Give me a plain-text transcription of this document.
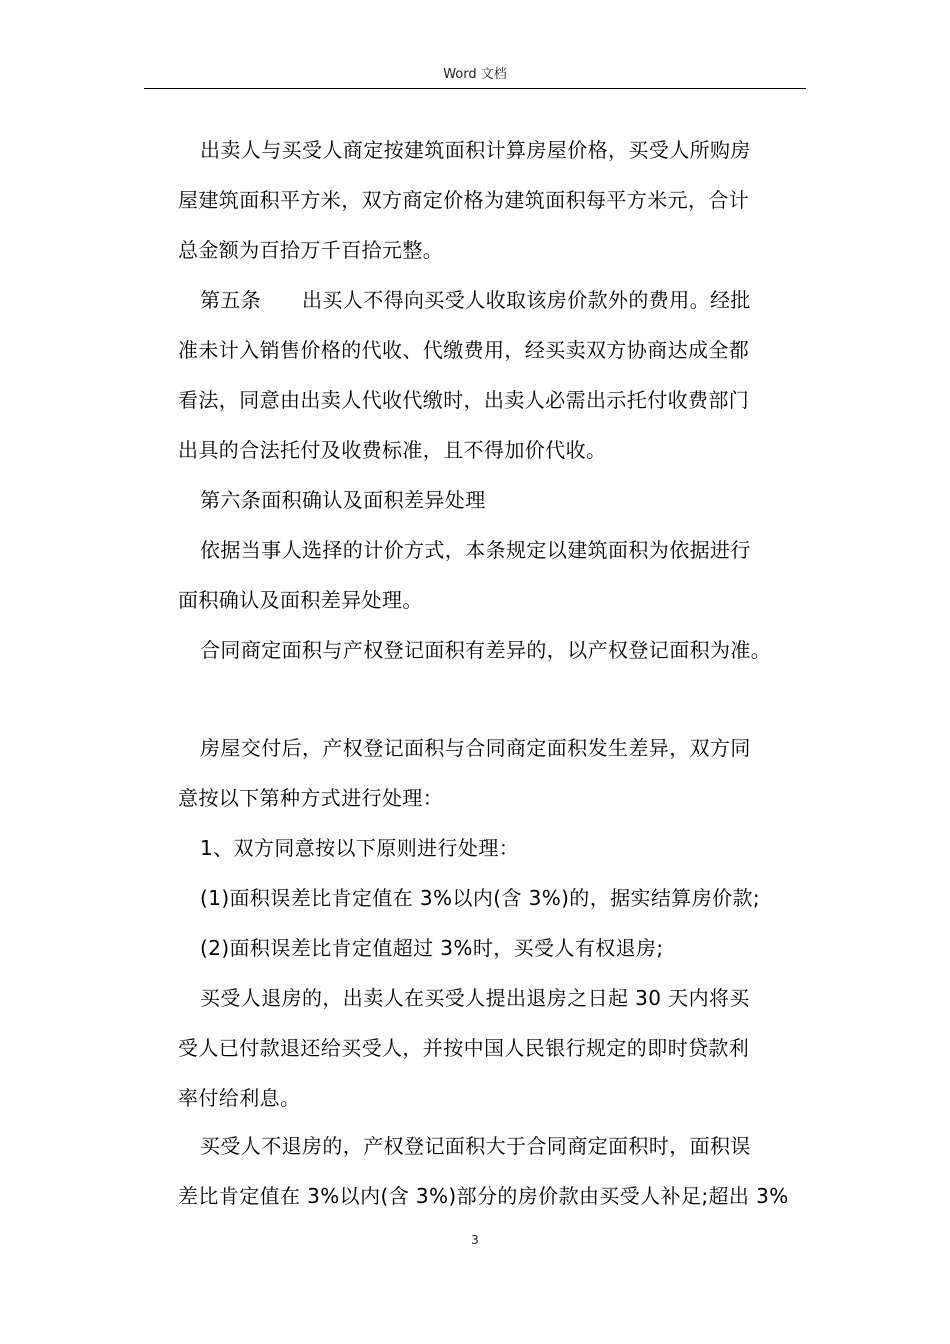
Word 文档
出卖人与买受人商定按建筑面积计算房屋价格，买受人所购房
屋建筑面积平方米，双方商定价格为建筑面积每平方米元，合计
总金额为百拾万千百拾元整。
第五条　　出买人不得向买受人收取该房价款外的费用。经批
准未计入销售价格的代收、代缴费用，经买卖双方协商达成全都
看法，同意由出卖人代收代缴时，出卖人必需出示托付收费部门
出具的合法托付及收费标准，且不得加价代收。
第六条面积确认及面积差异处理
依据当事人选择的计价方式，本条规定以建筑面积为依据进行
面积确认及面积差异处理。
合同商定面积与产权登记面积有差异的，以产权登记面积为准。
房屋交付后，产权登记面积与合同商定面积发生差异，双方同
意按以下第种方式进行处理：
1、双方同意按以下原则进行处理：
(1)面积误差比肯定值在 3%以内(含 3%)的，据实结算房价款;
(2)面积误差比肯定值超过 3%时，买受人有权退房;
买受人退房的，出卖人在买受人提出退房之日起 30 天内将买
受人已付款退还给买受人，并按中国人民银行规定的即时贷款利
率付给利息。
买受人不退房的，产权登记面积大于合同商定面积时，面积误
差比肯定值在 3%以内(含 3%)部分的房价款由买受人补足;超出 3%
3
